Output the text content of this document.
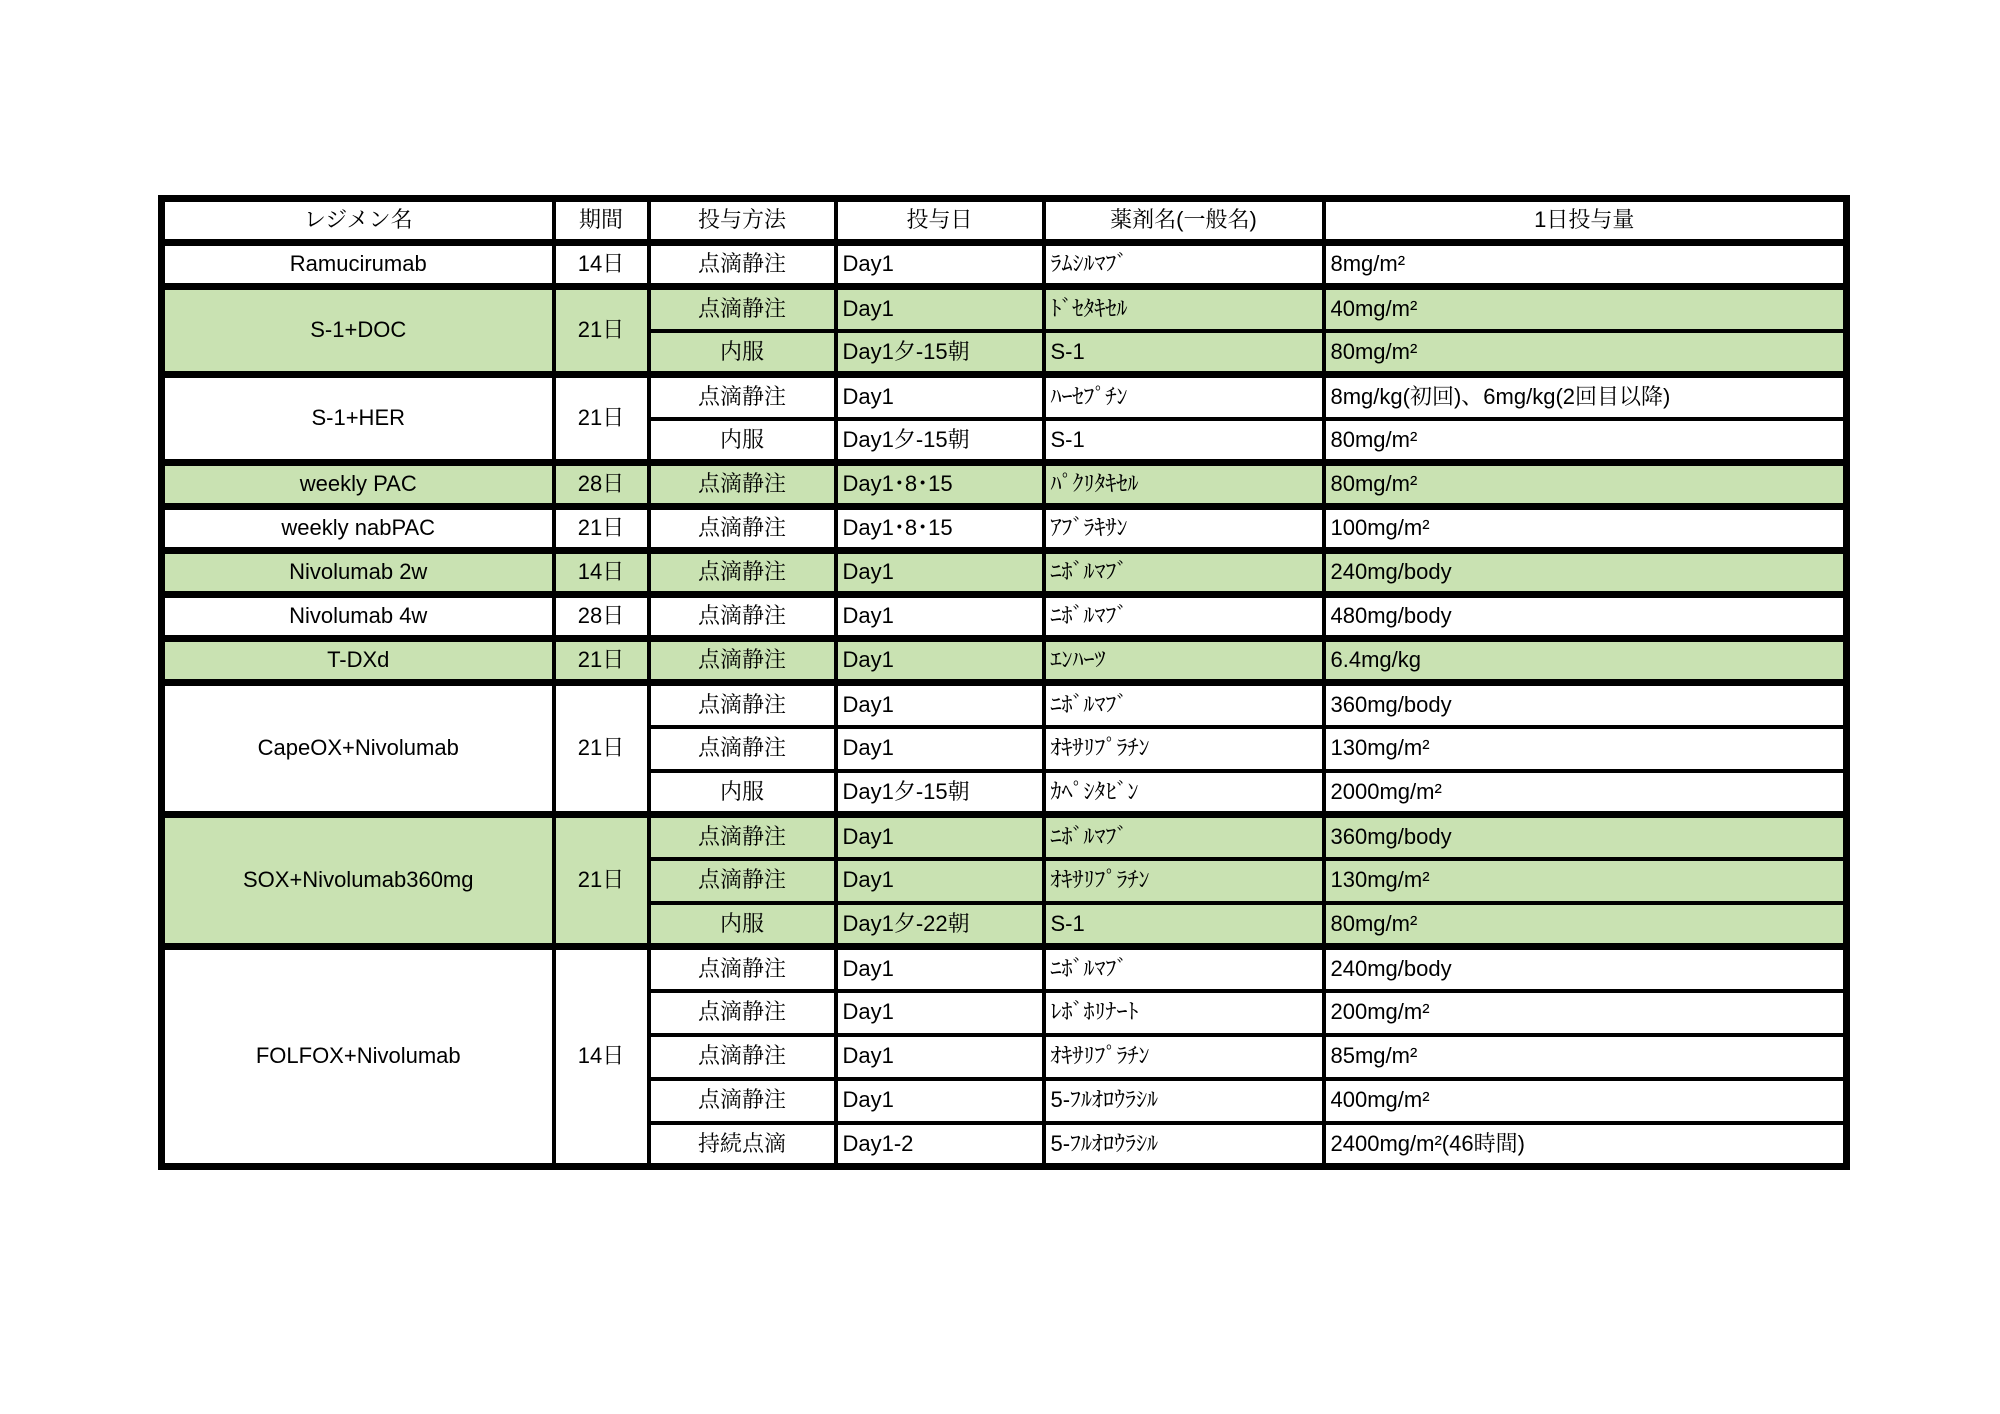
レジメン名	期間	投与方法	投与日	薬剤名(一般名)	1日投与量
Ramucirumab	14日	点滴静注	Day1	ﾗﾑｼﾙﾏﾌﾞ	8mg/m²
S-1+DOC	21日	点滴静注	Day1	ﾄﾞｾﾀｷｾﾙ	40mg/m²
		内服	Day1夕-15朝	S-1	80mg/m²
S-1+HER	21日	点滴静注	Day1	ﾊｰｾﾌﾟﾁﾝ	8mg/kg(初回)、6mg/kg(2回目以降)
		内服	Day1夕-15朝	S-1	80mg/m²
weekly PAC	28日	点滴静注	Day1･8･15	ﾊﾟｸﾘﾀｷｾﾙ	80mg/m²
weekly nabPAC	21日	点滴静注	Day1･8･15	ｱﾌﾞﾗｷｻﾝ	100mg/m²
Nivolumab 2w	14日	点滴静注	Day1	ﾆﾎﾞﾙﾏﾌﾞ	240mg/body
Nivolumab 4w	28日	点滴静注	Day1	ﾆﾎﾞﾙﾏﾌﾞ	480mg/body
T-DXd	21日	点滴静注	Day1	ｴﾝﾊｰﾂ	6.4mg/kg
CapeOX+Nivolumab	21日	点滴静注	Day1	ﾆﾎﾞﾙﾏﾌﾞ	360mg/body
		点滴静注	Day1	ｵｷｻﾘﾌﾟﾗﾁﾝ	130mg/m²
		内服	Day1夕-15朝	ｶﾍﾟｼﾀﾋﾞﾝ	2000mg/m²
SOX+Nivolumab360mg	21日	点滴静注	Day1	ﾆﾎﾞﾙﾏﾌﾞ	360mg/body
		点滴静注	Day1	ｵｷｻﾘﾌﾟﾗﾁﾝ	130mg/m²
		内服	Day1夕-22朝	S-1	80mg/m²
FOLFOX+Nivolumab	14日	点滴静注	Day1	ﾆﾎﾞﾙﾏﾌﾞ	240mg/body
		点滴静注	Day1	ﾚﾎﾞﾎﾘﾅｰﾄ	200mg/m²
		点滴静注	Day1	ｵｷｻﾘﾌﾟﾗﾁﾝ	85mg/m²
		点滴静注	Day1	5-ﾌﾙｵﾛｳﾗｼﾙ	400mg/m²
		持続点滴	Day1-2	5-ﾌﾙｵﾛｳﾗｼﾙ	2400mg/m²(46時間)
